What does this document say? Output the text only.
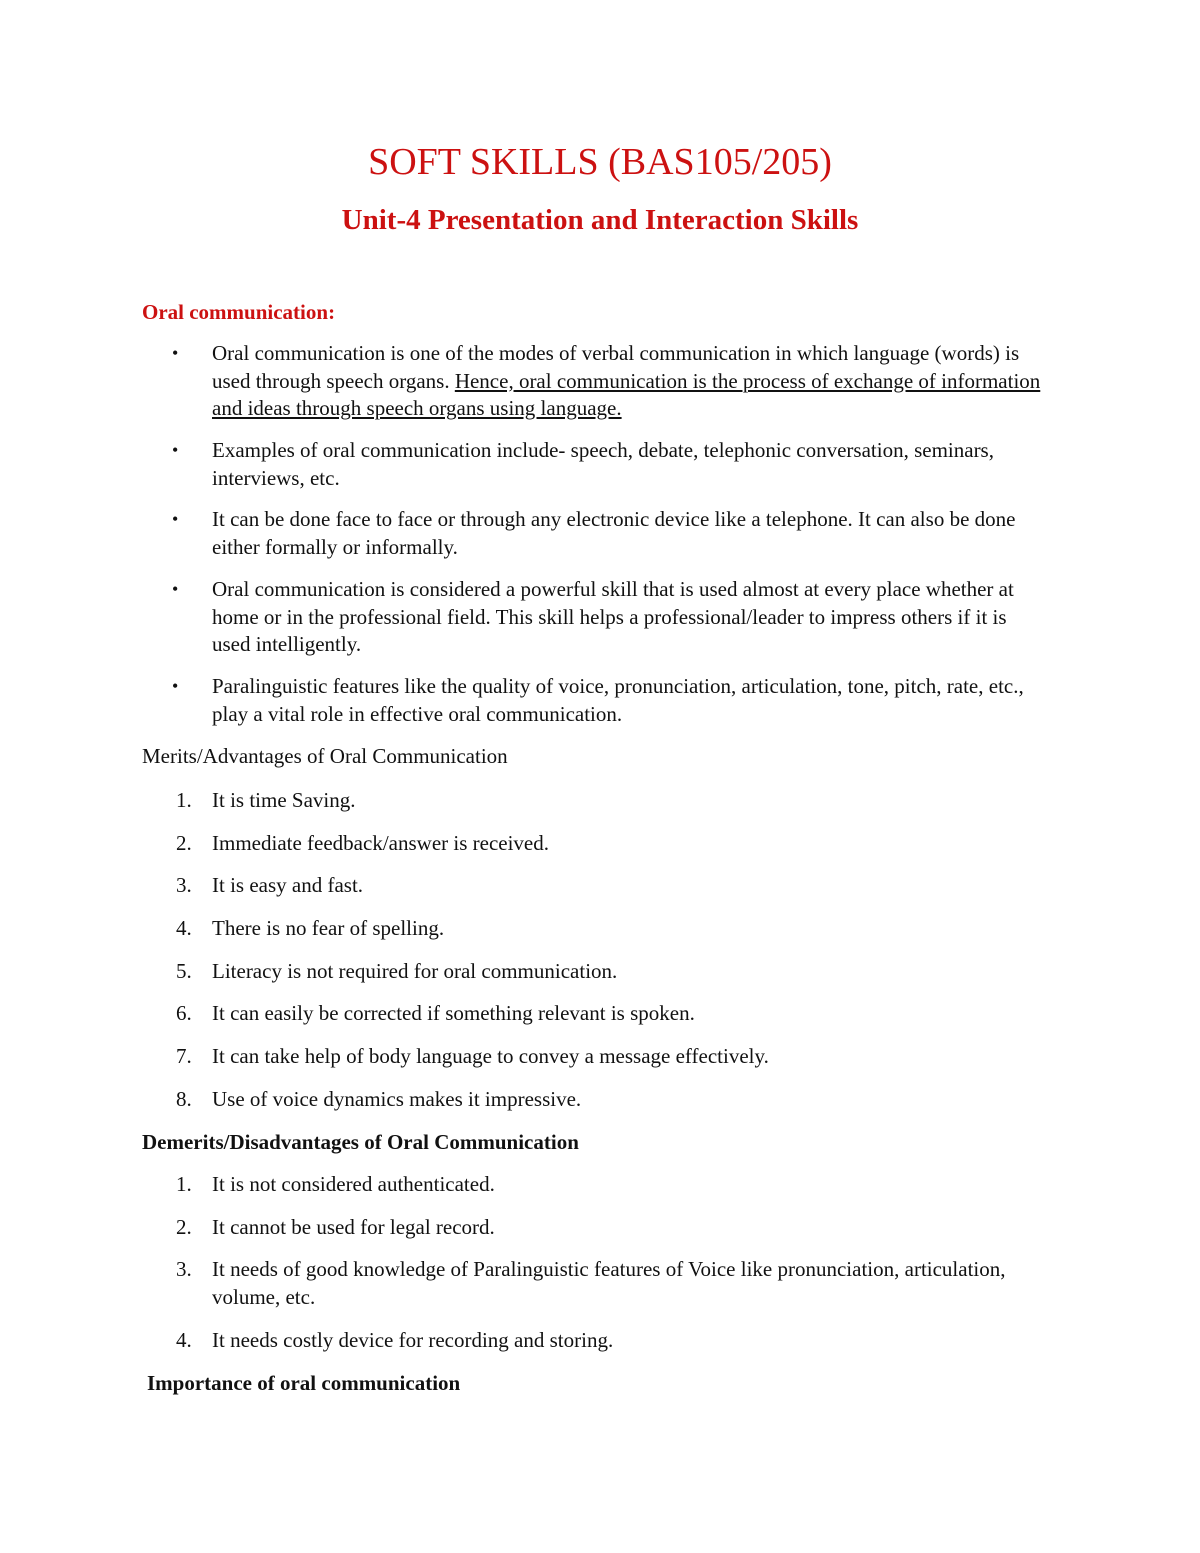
SOFT SKILLS (BAS105/205)
Unit-4 Presentation and Interaction Skills

Oral communication:

• Oral communication is one of the modes of verbal communication in which language (words) is used through speech organs. Hence, oral communication is the process of exchange of information and ideas through speech organs using language.
• Examples of oral communication include- speech, debate, telephonic conversation, seminars, interviews, etc.
• It can be done face to face or through any electronic device like a telephone. It can also be done either formally or informally.
• Oral communication is considered a powerful skill that is used almost at every place whether at home or in the professional field. This skill helps a professional/leader to impress others if it is used intelligently.
• Paralinguistic features like the quality of voice, pronunciation, articulation, tone, pitch, rate, etc., play a vital role in effective oral communication.

Merits/Advantages of Oral Communication

1. It is time Saving.
2. Immediate feedback/answer is received.
3. It is easy and fast.
4. There is no fear of spelling.
5. Literacy is not required for oral communication.
6. It can easily be corrected if something relevant is spoken.
7. It can take help of body language to convey a message effectively.
8. Use of voice dynamics makes it impressive.

Demerits/Disadvantages of Oral Communication

1. It is not considered authenticated.
2. It cannot be used for legal record.
3. It needs of good knowledge of Paralinguistic features of Voice like pronunciation, articulation, volume, etc.
4. It needs costly device for recording and storing.

Importance of oral communication
